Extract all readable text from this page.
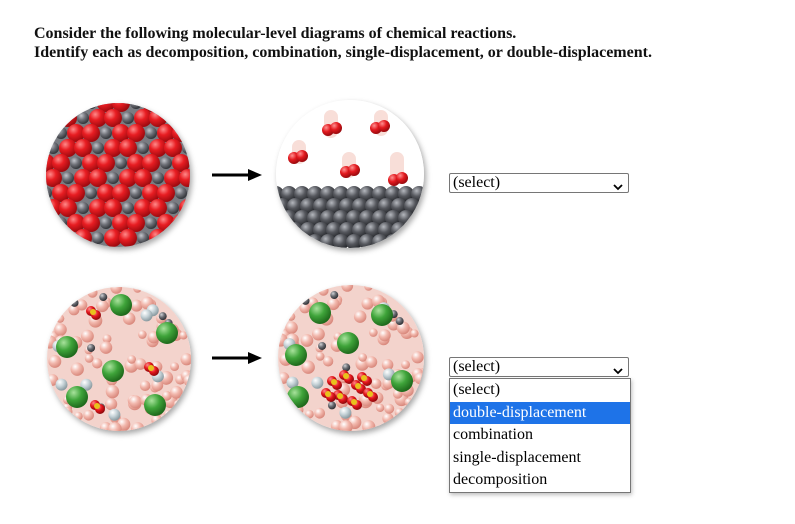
Consider the following molecular-level diagrams of chemical reactions.

Identify each as decomposition, combination, single-displacement, or double-displacement.

(select)
(select)
(select)
double-displacement
combination
single-displacement
decomposition
